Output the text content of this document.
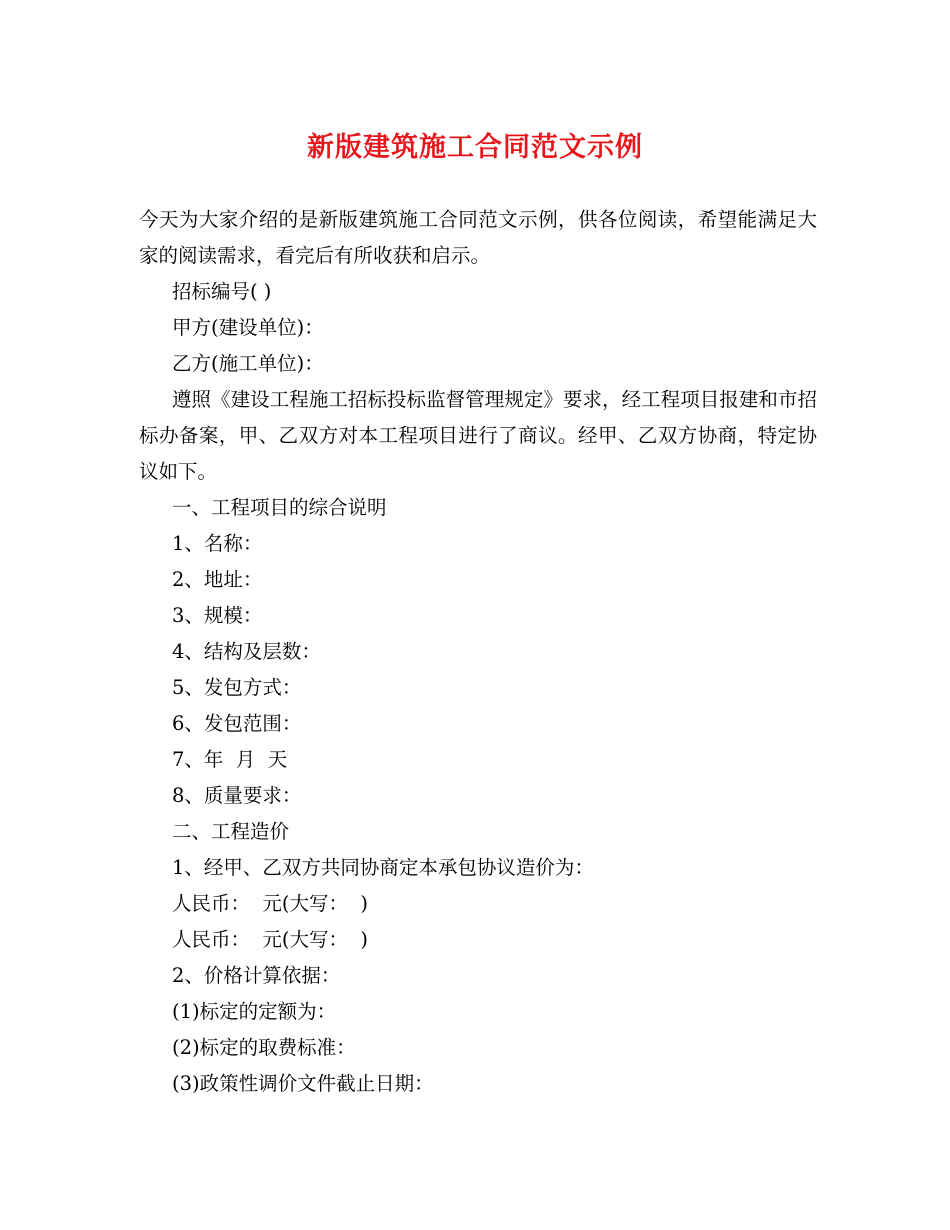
新版建筑施工合同范文示例

今天为大家介绍的是新版建筑施工合同范文示例，供各位阅读，希望能满足大家的阅读需求，看完后有所收获和启示。

招标编号( )

甲方(建设单位)：

乙方(施工单位)：

遵照《建设工程施工招标投标监督管理规定》要求，经工程项目报建和市招标办备案，甲、乙双方对本工程项目进行了商议。经甲、乙双方协商，特定协议如下。

一、工程项目的综合说明

1、名称：

2、地址：

3、规模：

4、结构及层数：

5、发包方式：

6、发包范围：

7、年  月  天

8、质量要求：

二、工程造价

1、经甲、乙双方共同协商定本承包协议造价为：

人民币：  元(大写：  )

人民币：  元(大写：  )

2、价格计算依据：

(1)标定的定额为：

(2)标定的取费标准：

(3)政策性调价文件截止日期：
